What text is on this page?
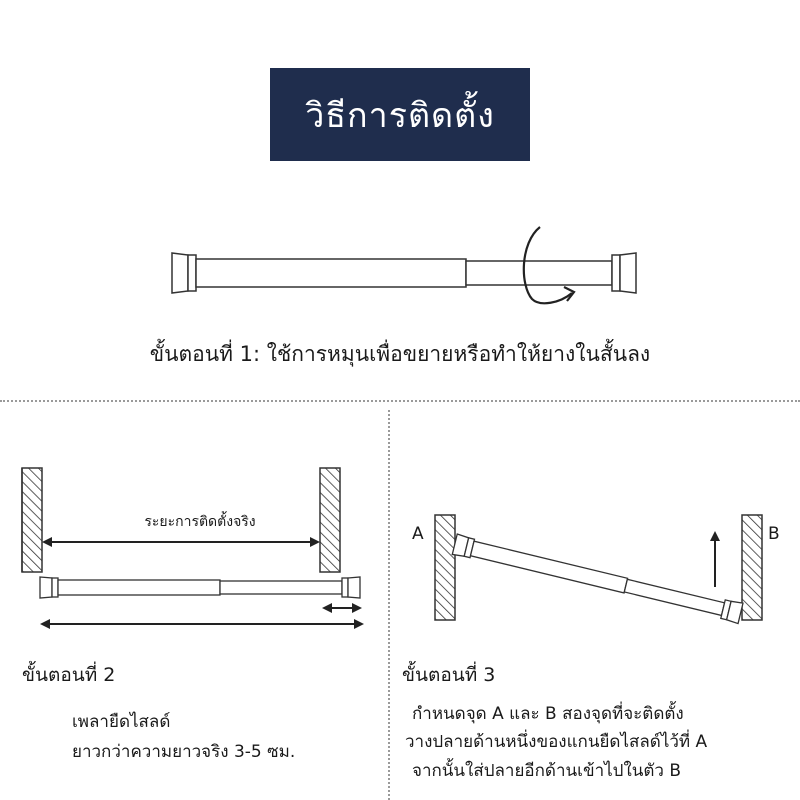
วิธีการติดตั้ง
ขั้นตอนที่ 1: ใช้การหมุนเพื่อขยายหรือทำให้ยางในสั้นลง
ระยะการติดตั้งจริง
ขั้นตอนที่ 2
เพลายืดไสลด์
ยาวกว่าความยาวจริง 3-5 ซม.
A	B
ขั้นตอนที่ 3
กำหนดจุด A และ B สองจุดที่จะติดตั้ง
วางปลายด้านหนึ่งของแกนยืดไสลด์ไว้ที่ A
จากนั้นใส่ปลายอีกด้านเข้าไปในตัว B
